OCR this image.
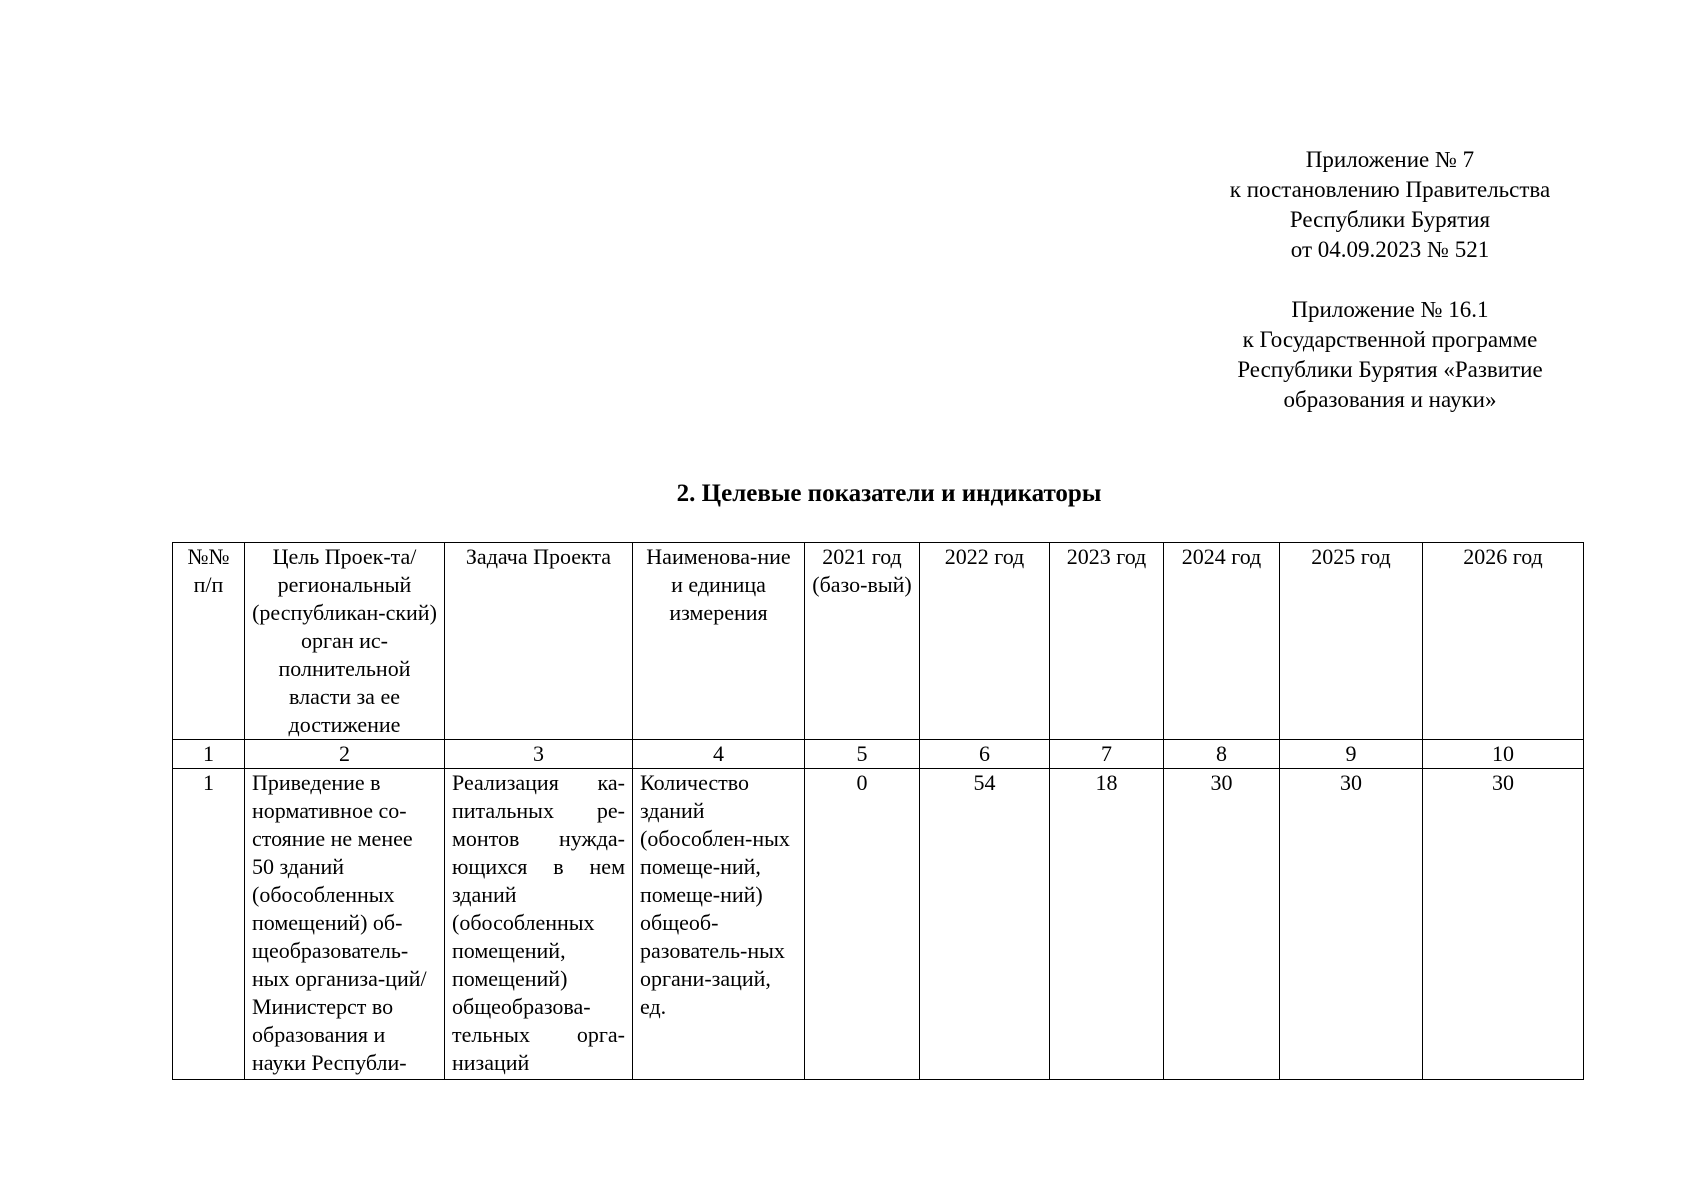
Приложение № 7
к постановлению Правительства
Республики Бурятия
от 04.09.2023 № 521
Приложение № 16.1
к Государственной программе
Республики Бурятия «Развитие
образования и науки»
2. Целевые показатели и индикаторы
№№ п/п	Цель Проек-та/региональный (республикан-ский) орган ис-полнительной власти за ее достижение	Задача Проекта	Наименова-ние и единица измерения	2021 год (базо-вый)	2022 год	2023 год	2024 год	2025 год	2026 год
1	2	3	4	5	6	7	8	9	10
1	Приведение в нормативное со-стояние не менее 50 зданий (обособленных помещений) об-щеобразователь-ных организа-ций/Министерст во образования и науки Республи-	Реализация ка-питальных ре-монтов нужда-ющихся в нем зданий (обособленных помещений, помещений) общеобразова-тельных орга-низаций	Количество зданий (обособлен-ных помеще-ний, помеще-ний) общеоб-разователь-ных органи-заций, ед.	0	54	18	30	30	30
